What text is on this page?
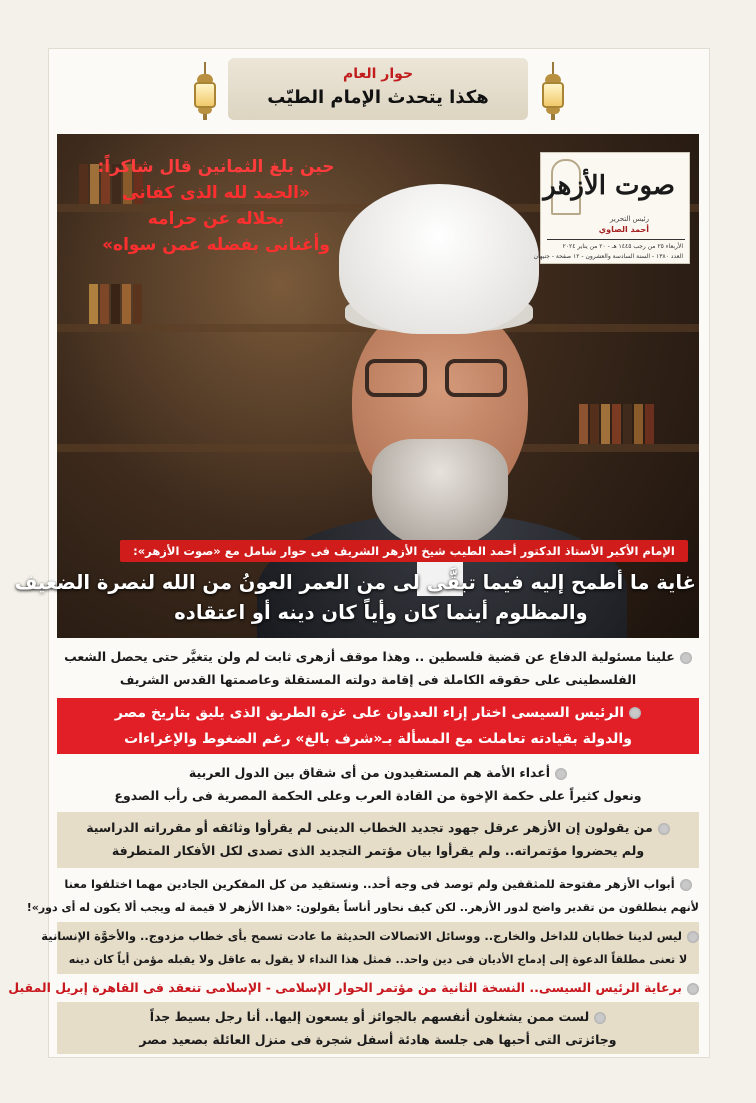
حوار العام
هكذا يتحدث الإمام الطيّب
صوت الأزهر
رئيس التحرير
أحمد الصاوي
الأربعاء ٢٥ من رجب ١٤٤٥ هـ - ٢٠ من يناير ٢٠٢٤
العدد ١٣٨٠ - السنة السادسة والعشرون - ١٢ صفحة - جنيهان
حين بلغ الثمانين قال شاكراً:
«الحمد لله الذى كفانى
بحلاله عن حرامه
وأغنانى بفضله عمن سواه»
الإمام الأكبر الأستاذ الدكتور أحمد الطيب شيخ الأزهر الشريف فى حوار شامل مع «صوت الأزهر»:
غاية ما أطمح إليه فيما تبقَّى لى من العمر العونُ من الله لنصرة الضعيف
والمظلوم أينما كان وأياً كان دينه أو اعتقاده
علينا مسئولية الدفاع عن قضية فلسطين .. وهذا موقف أزهرى ثابت لم ولن يتغيَّر حتى يحصل الشعب
الفلسطينى على حقوقه الكاملة فى إقامة دولته المستقلة وعاصمتها القدس الشريف
الرئيس السيسى اختار إزاء العدوان على غزة الطريق الذى يليق بتاريخ مصر
والدولة بقيادته تعاملت مع المسألة بـ«شرف بالغ» رغم الضغوط والإغراءات
أعداء الأمة هم المستفيدون من أى شقاق بين الدول العربية
ونعول كثيراً على حكمة الإخوة من القادة العرب وعلى الحكمة المصرية فى رأب الصدوع
من يقولون إن الأزهر عرقل جهود تجديد الخطاب الدينى لم يقرأوا وثائقه أو مقرراته الدراسية
ولم يحضروا مؤتمراته.. ولم يقرأوا بيان مؤتمر التجديد الذى تصدى لكل الأفكار المتطرفة
أبواب الأزهر مفتوحة للمثقفين ولم توصد فى وجه أحد.. ونستفيد من كل المفكرين الجادين مهما اختلفوا معنا
لأنهم ينطلقون من تقدير واضح لدور الأزهر.. لكن كيف نحاور أناساً يقولون: «هذا الأزهر لا قيمة له ويجب ألا يكون له أى دور»!
ليس لدينا خطابان للداخل والخارج.. ووسائل الاتصالات الحديثة ما عادت تسمح بأى خطاب مزدوج.. والأخوَّة الإنسانية
لا تعنى مطلقاً الدعوة إلى إدماج الأديان فى دين واحد.. فمثل هذا النداء لا يقول به عاقل ولا يقبله مؤمن أياً كان دينه
برعاية الرئيس السيسى.. النسخة الثانية من مؤتمر الحوار الإسلامى - الإسلامى تنعقد فى القاهرة إبريل المقبل
لست ممن يشغلون أنفسهم بالجوائز أو يسعون إليها.. أنا رجل بسيط جداً
وجائزتى التى أحبها هى جلسة هادئة أسفل شجرة فى منزل العائلة بصعيد مصر
